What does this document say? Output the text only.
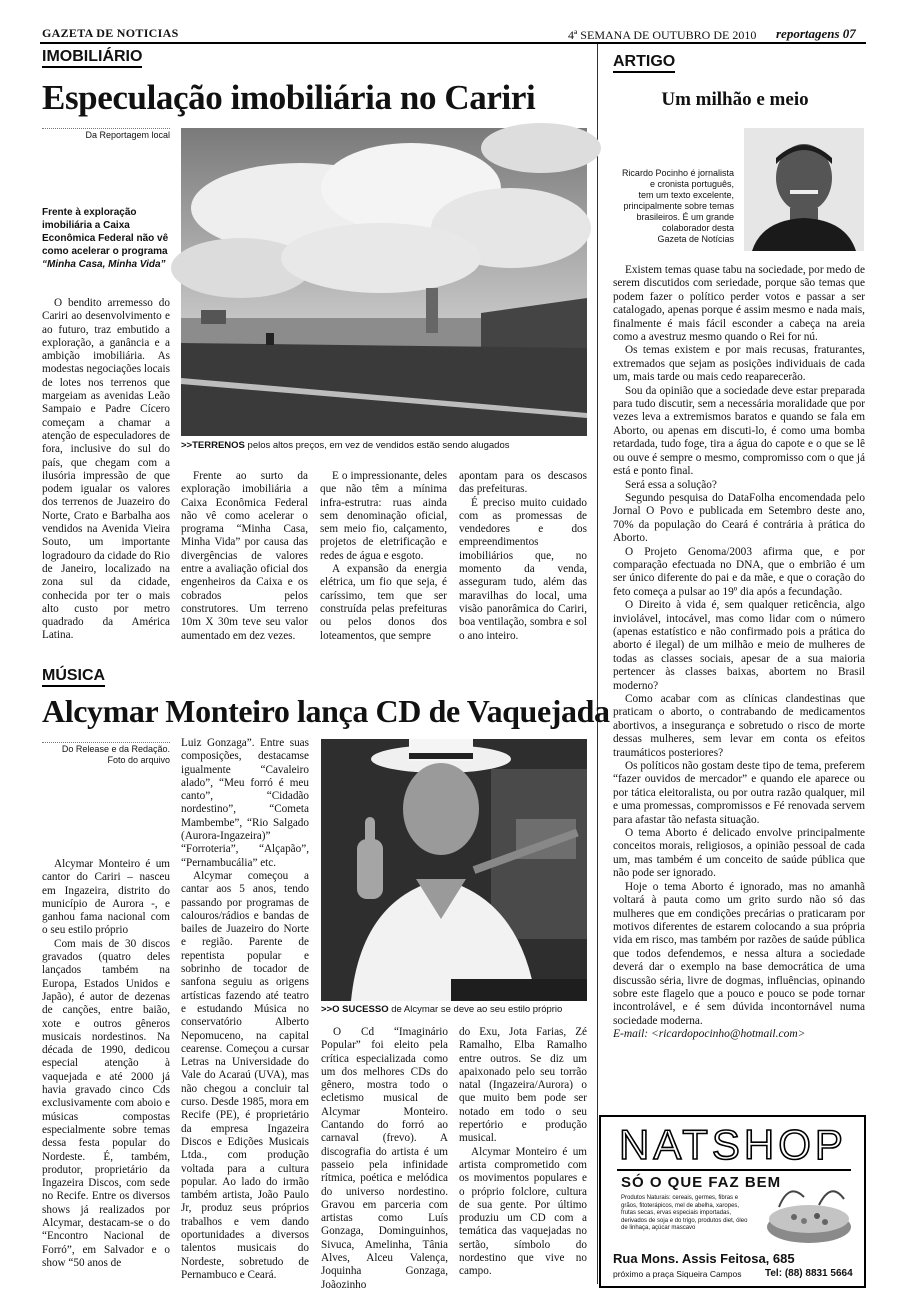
GAZETA DE NOTICIAS	4ª SEMANA DE OUTUBRO DE 2010 reportagens 07
IMOBILIÁRIO
Especulação imobiliária no Cariri
Da Reportagem local
Frente à exploração imobiliária a Caixa Econômica Federal não vê como acelerar o programa “Minha Casa, Minha Vida”
>>TERRENOS pelos altos preços, em vez de vendidos estão sendo alugados

O bendito arremesso do Cariri ao desenvolvimento e ao futuro, traz embutido a exploração, a ganância e a ambição imobiliária. As modestas negociações locais de lotes nos terrenos que margeiam as avenidas Leão Sampaio e Padre Cícero começam a chamar a atenção de especuladores de fora, inclusive do sul do país, que chegam com a ilusória impressão de que podem igualar os valores dos terrenos de Juazeiro do Norte, Crato e Barbalha aos vendidos na Avenida Vieira Souto, um importante logradouro da cidade do Rio de Janeiro, localizado na zona sul da cidade, conhecida por ter o mais alto custo por metro quadrado da América Latina.

Frente ao surto da exploração imobiliária a Caixa Econômica Federal não vê como acelerar o programa “Minha Casa, Minha Vida” por causa das divergências de valores entre a avaliação oficial dos engenheiros da Caixa e os cobrados pelos construtores. Um terreno 10m X 30m teve seu valor aumentado em dez vezes.

E o impressionante, deles que não têm a mínima infra-estrutra: ruas ainda sem denominação oficial, sem meio fio, calçamento, projetos de eletrificação e redes de água e esgoto.

A expansão da energia elétrica, um fio que seja, é caríssimo, tem que ser construída pelas prefeituras ou pelos donos dos loteamentos, que sempre

apontam para os descasos das prefeituras.

É preciso muito cuidado com as promessas de vendedores e dos empreendimentos imobiliários que, no momento da venda, asseguram tudo, além das maravilhas do local, uma visão panorâmica do Cariri, boa ventilação, sombra e sol o ano inteiro.

MÚSICA
Alcymar Monteiro lança CD de Vaquejada
Do Release e da Redação.
Foto do arquivo

Alcymar Monteiro é um cantor do Cariri – nasceu em Ingazeira, distrito do município de Aurora -, e ganhou fama nacional com o seu estilo próprio

Com mais de 30 discos gravados (quatro deles lançados também na Europa, Estados Unidos e Japão), é autor de dezenas de canções, entre baião, xote e outros gêneros musicais nordestinos. Na década de 1990, dedicou especial atenção à vaquejada e até 2000 já havia gravado cinco Cds exclusivamente com aboio e músicas compostas especialmente sobre temas dessa festa popular do Nordeste. É, também, produtor, proprietário da Ingazeira Discos, com sede no Recife. Entre os diversos shows já realizados por Alcymar, destacam-se o do “Encontro Nacional de Forró”, em Salvador e o show “50 anos de

Luiz Gonzaga”. Entre suas composições, destacamse igualmente “Cavaleiro alado”, “Meu forró é meu canto”, “Cidadão nordestino”, “Cometa Mambembe”, “Rio Salgado (Aurora-Ingazeira)” “Forroteria”, “Alçapão”, “Pernambucália” etc.

Alcymar começou a cantar aos 5 anos, tendo passando por programas de calouros/rádios e bandas de bailes de Juazeiro do Norte e região. Parente de repentista popular e sobrinho de tocador de sanfona seguiu as origens artísticas fazendo até teatro e estudando Música no conservatório Alberto Nepomuceno, na capital cearense. Começou a cursar Letras na Universidade do Vale do Acaraú (UVA), mas não chegou a concluir tal curso. Desde 1985, mora em Recife (PE), é proprietário da empresa Ingazeira Discos e Edições Musicais Ltda., com produção voltada para a cultura popular. Ao lado do irmão também artista, João Paulo Jr, produz seus próprios trabalhos e vem dando oportunidades a diversos talentos musicais do Nordeste, sobretudo de Pernambuco e Ceará.

>>O SUCESSO de Alcymar se deve ao seu estilo próprio

O Cd “Imaginário Popular” foi eleito pela crítica especializada como um dos melhores CDs do gênero, mostra todo o ecletismo musical de Alcymar Monteiro. Cantando do forró ao carnaval (frevo). A discografia do artista é um passeio pela infinidade rítmica, poética e melódica do universo nordestino. Gravou em parceria com artistas como Luís Gonzaga, Dominguinhos, Sivuca, Amelinha, Tânia Alves, Alceu Valença, Joquinha Gonzaga, Joãozinho

do Exu, Jota Farias, Zé Ramalho, Elba Ramalho entre outros. Se diz um apaixonado pelo seu torrão natal (Ingazeira/Aurora) o que muito bem pode ser notado em todo o seu repertório e produção musical.

Alcymar Monteiro é um artista comprometido com os movimentos populares e o próprio folclore, cultura de sua gente. Por último produziu um CD com a temática das vaquejadas no sertão, símbolo do nordestino que vive no campo.

ARTIGO
Um milhão e meio
Ricardo Pocinho é jornalista
e cronista português,
tem um texto excelente,
principalmente sobre temas
brasileiros. É um grande
colaborador desta
Gazeta de Notícias

Existem temas quase tabu na sociedade, por medo de serem discutidos com seriedade, porque são temas que podem fazer o político perder votos e passar a ser catalogado, apenas porque é assim mesmo e nada mais, finalmente é mais fácil esconder a cabeça na areia como a avestruz mesmo quando o Rei for nú.

Os temas existem e por mais recusas, fraturantes, extremados que sejam as posições individuais de cada um, mais tarde ou mais cedo reaparecerão.

Sou da opinião que a sociedade deve estar preparada para tudo discutir, sem a necessária moralidade que por vezes leva a extremismos baratos e quando se fala em Aborto, ou apenas em discuti-lo, é como uma bomba retardada, tudo foge, tira a água do capote e o que se lê ou ouve é sempre o mesmo, compromisso com o que já está e ponto final.

Será essa a solução?

Segundo pesquisa do DataFolha encomendada pelo Jornal O Povo e publicada em Setembro deste ano, 70% da população do Ceará é contrária à prática do Aborto.

O Projeto Genoma/2003 afirma que, e por comparação efectuada no DNA, que o embrião é um ser único diferente do pai e da mãe, e que o coração do feto começa a pulsar ao 19º dia após a fecundação.

O Direito à vida é, sem qualquer reticência, algo inviolável, intocável, mas como lidar com o número (apenas estatístico e não confirmado pois a prática do aborto é ilegal) de um milhão e meio de mulheres de todas as classes sociais, apesar de a sua maioria pertencer às classes baixas, abortem no Brasil moderno?

Como acabar com as clínicas clandestinas que praticam o aborto, o contrabando de medicamentos abortivos, a insegurança e sobretudo o risco de morte dessas mulheres, sem levar em conta os efeitos traumáticos posteriores?

Os políticos não gostam deste tipo de tema, preferem “fazer ouvidos de mercador” e quando ele aparece ou por tática eleitoralista, ou por outra razão qualquer, mil e uma promessas, compromissos e Fé renovada servem para afastar tão nefasta situação.

O tema Aborto é delicado envolve principalmente conceitos morais, religiosos, a opinião pessoal de cada um, mas também é um conceito de saúde pública que não pode ser ignorado.

Hoje o tema Aborto é ignorado, mas no amanhã voltará à pauta como um grito surdo não só das mulheres que em condições precárias o praticaram por motivos diferentes de estarem colocando a sua própria vida em risco, mas também por razões de saúde pública que todos defendemos, e nessa altura a sociedade deverá dar o exemplo na base democrática de uma discussão séria, livre de dogmas, influências, opinando sobre este flagelo que a pouco e pouco se pode tornar incontrolável, e é sem dúvida incontornável numa sociedade moderna.

E-mail: <ricardopocinho@hotmail.com>

NATSHOP
SÓ O QUE FAZ BEM
Produtos Naturais: cereais, germes, fibras e grãos, fitoterápicos, mel de abelha, xaropes, frutas secas, ervas especiais importadas, derivados de soja e do trigo, produtos diet, óleo de linhaça, açúcar mascavo
Rua Mons. Assis Feitosa, 685
próximo a praça Siqueira Campos Tel: (88) 8831 5664
